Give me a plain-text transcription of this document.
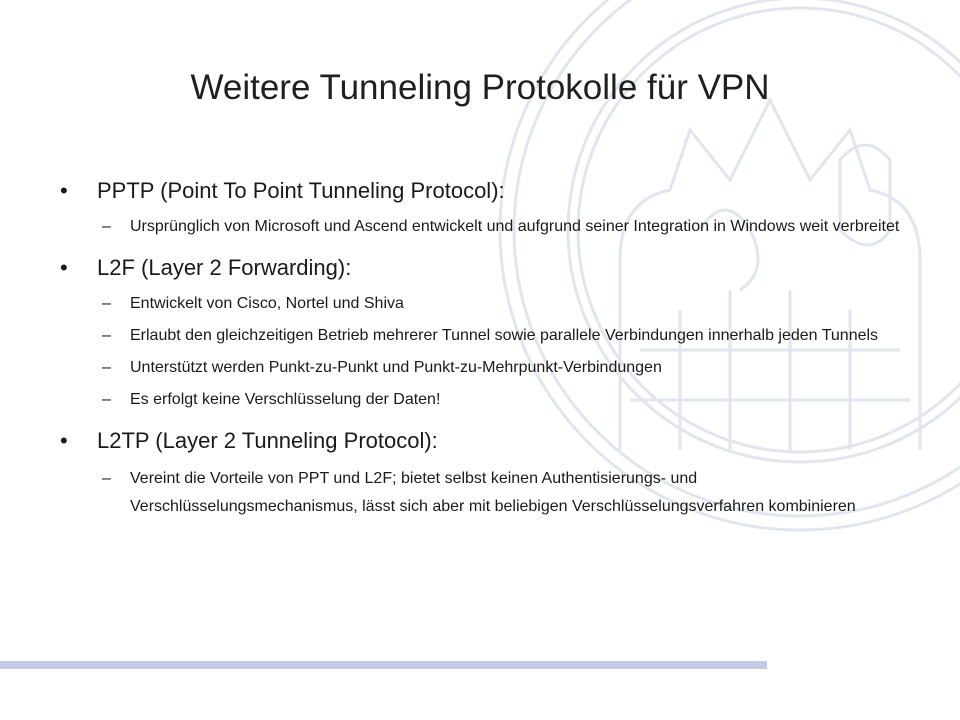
Weitere Tunneling Protokolle für VPN
•	PPTP (Point To Point Tunneling Protocol):
– Ursprünglich von Microsoft und Ascend entwickelt und aufgrund seiner Integration in Windows weit verbreitet
•	L2F (Layer 2 Forwarding):
– Entwickelt von Cisco, Nortel und Shiva
– Erlaubt den gleichzeitigen Betrieb mehrerer Tunnel sowie parallele Verbindungen innerhalb jeden Tunnels
– Unterstützt werden Punkt-zu-Punkt und Punkt-zu-Mehrpunkt-Verbindungen
– Es erfolgt keine Verschlüsselung der Daten!
•	L2TP (Layer 2 Tunneling Protocol):
– Vereint die Vorteile von PPT und L2F; bietet selbst keinen Authentisierungs- und Verschlüsselungsmechanismus, lässt sich aber mit beliebigen Verschlüsselungsverfahren kombinieren
